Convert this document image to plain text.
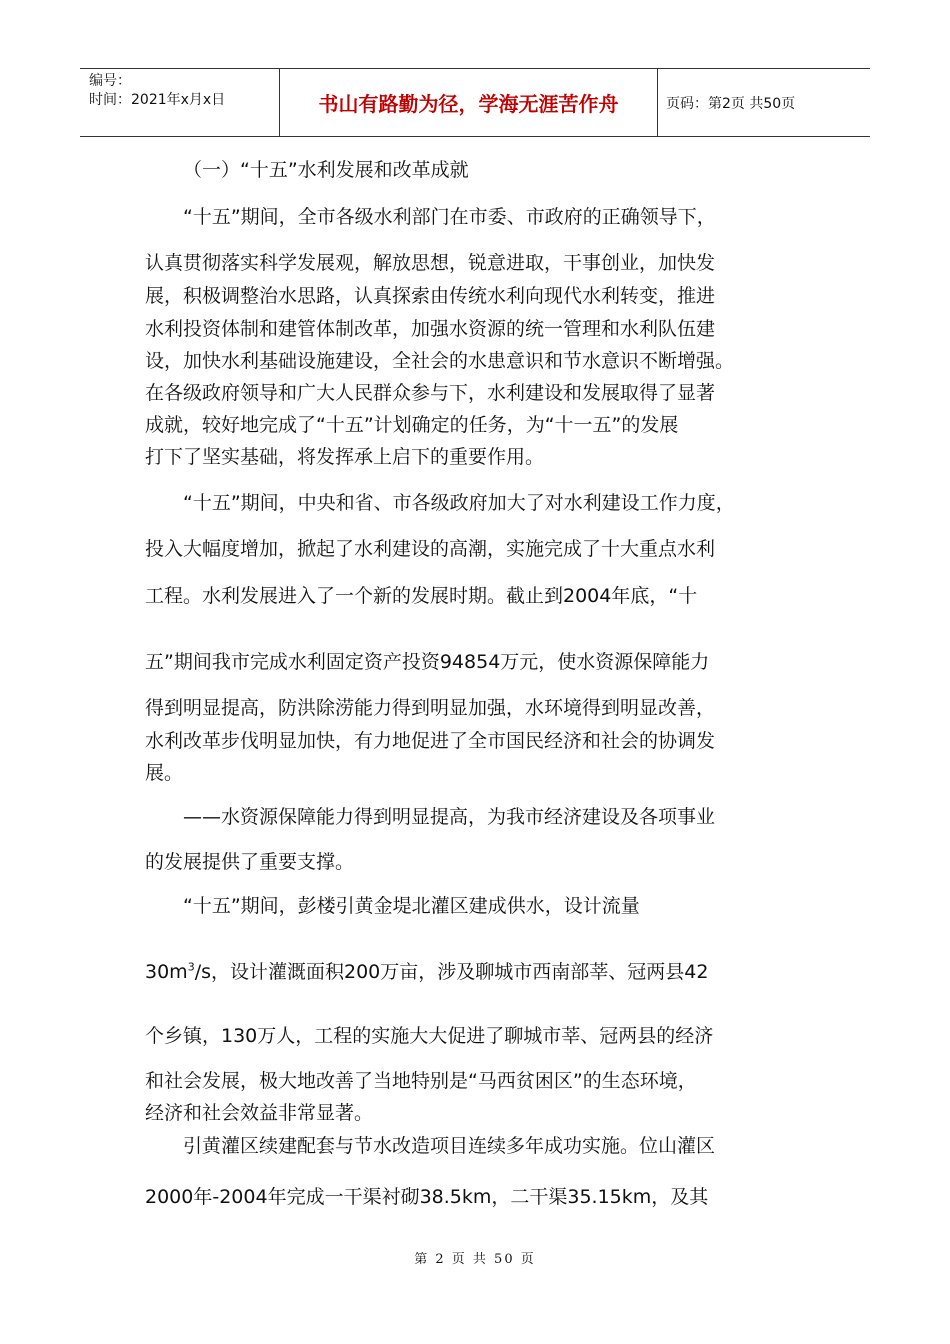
编号：
时间：2021年x月x日	书山有路勤为径，学海无涯苦作舟	页码：第2页 共50页
（一）“十五”水利发展和改革成就
“十五”期间，全市各级水利部门在市委、市政府的正确领导下，
认真贯彻落实科学发展观，解放思想，锐意进取，干事创业，加快发
展，积极调整治水思路，认真探索由传统水利向现代水利转变，推进
水利投资体制和建管体制改革，加强水资源的统一管理和水利队伍建
设，加快水利基础设施建设，全社会的水患意识和节水意识不断增强。
在各级政府领导和广大人民群众参与下，水利建设和发展取得了显著
成就，较好地完成了“十五”计划确定的任务，为“十一五”的发展
打下了坚实基础，将发挥承上启下的重要作用。
“十五”期间，中央和省、市各级政府加大了对水利建设工作力度，
投入大幅度增加，掀起了水利建设的高潮，实施完成了十大重点水利
工程。水利发展进入了一个新的发展时期。截止到2004年底，“十
五”期间我市完成水利固定资产投资94854万元，使水资源保障能力
得到明显提高，防洪除涝能力得到明显加强，水环境得到明显改善，
水利改革步伐明显加快，有力地促进了全市国民经济和社会的协调发
展。
——水资源保障能力得到明显提高，为我市经济建设及各项事业
的发展提供了重要支撑。
“十五”期间，彭楼引黄金堤北灌区建成供水，设计流量
$30m^3/s$，设计灌溉面积200万亩，涉及聊城市西南部莘、冠两县42
个乡镇，130万人，工程的实施大大促进了聊城市莘、冠两县的经济
和社会发展，极大地改善了当地特别是“马西贫困区”的生态环境，
经济和社会效益非常显著。
引黄灌区续建配套与节水改造项目连续多年成功实施。位山灌区
2000年-2004年完成一干渠衬砌38.5km，二干渠35.15km，及其
第 2 页 共 50 页
